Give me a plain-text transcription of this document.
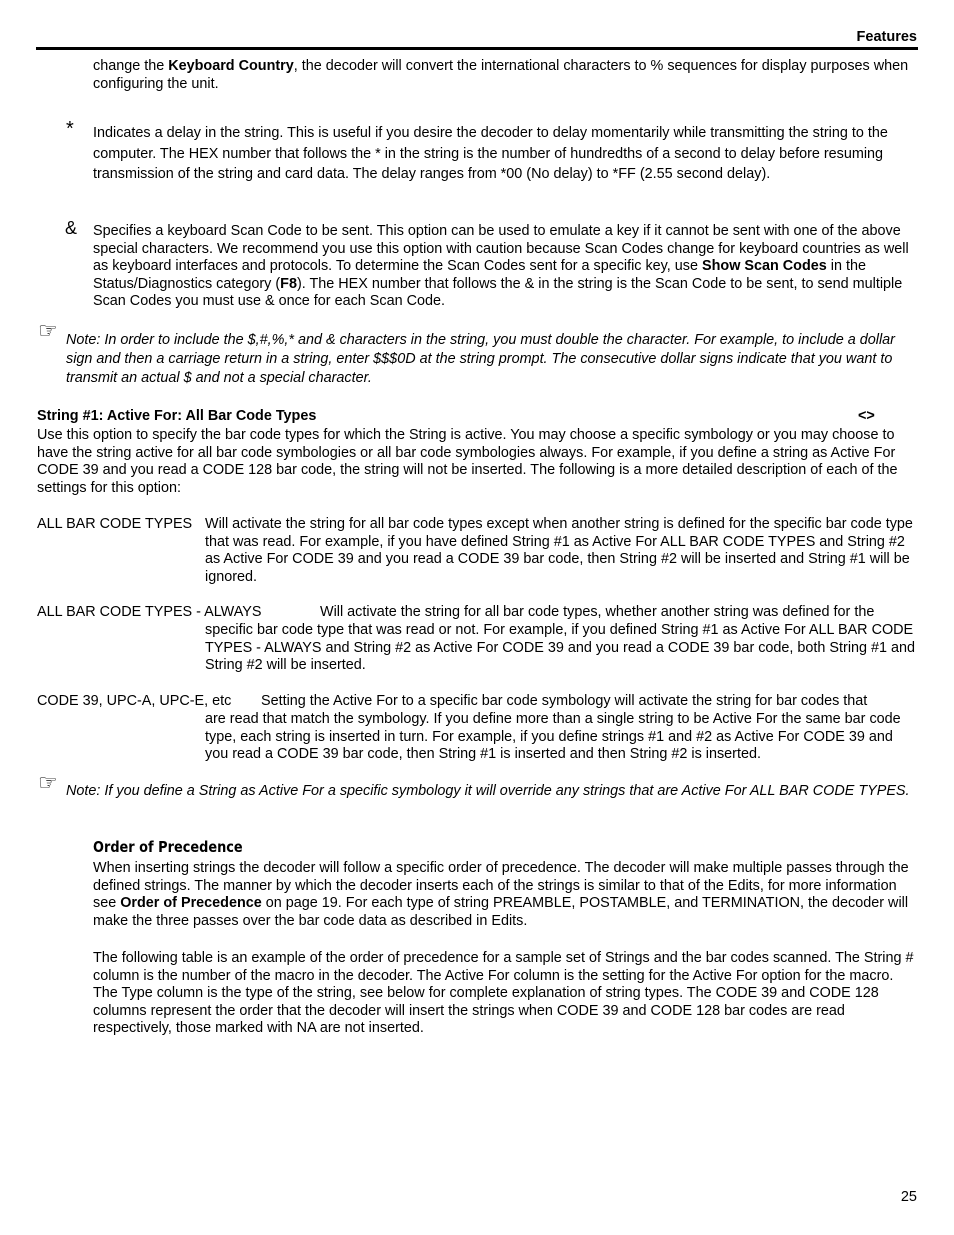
Features
change the Keyboard Country, the decoder will convert the international characters to % sequences for display purposes when configuring the unit.
* Indicates a delay in the string. This is useful if you desire the decoder to delay momentarily while transmitting the string to the computer. The HEX number that follows the * in the string is the number of hundredths of a second to delay before resuming transmission of the string and card data. The delay ranges from *00 (No delay) to *FF (2.55 second delay).
& Specifies a keyboard Scan Code to be sent. This option can be used to emulate a key if it cannot be sent with one of the above special characters. We recommend you use this option with caution because Scan Codes change for keyboard countries as well as keyboard interfaces and protocols. To determine the Scan Codes sent for a specific key, use Show Scan Codes in the Status/Diagnostics category (F8). The HEX number that follows the & in the string is the Scan Code to be sent, to send multiple Scan Codes you must use & once for each Scan Code.
☞ Note: In order to include the $,#,%,* and & characters in the string, you must double the character. For example, to include a dollar sign and then a carriage return in a string, enter $$$0D at the string prompt. The consecutive dollar signs indicate that you want to transmit an actual $ and not a special character.
String #1: Active For: All Bar Code Types	<>
Use this option to specify the bar code types for which the String is active. You may choose a specific symbology or you may choose to have the string active for all bar code symbologies or all bar code symbologies always. For example, if you define a string as Active For CODE 39 and you read a CODE 128 bar code, the string will not be inserted. The following is a more detailed description of each of the settings for this option:
ALL BAR CODE TYPES Will activate the string for all bar code types except when another string is defined for the specific bar code type that was read. For example, if you have defined String #1 as Active For ALL BAR CODE TYPES and String #2 as Active For CODE 39 and you read a CODE 39 bar code, then String #2 will be inserted and String #1 will be ignored.
ALL BAR CODE TYPES - ALWAYS	Will activate the string for all bar code types, whether another string was defined for the
specific bar code type that was read or not. For example, if you defined String #1 as Active For ALL BAR CODE TYPES - ALWAYS and String #2 as Active For CODE 39 and you read a CODE 39 bar code, both String #1 and String #2 will be inserted.
CODE 39, UPC-A, UPC-E, etc Setting the Active For to a specific bar code symbology will activate the string for bar codes that
are read that match the symbology. If you define more than a single string to be Active For the same bar code type, each string is inserted in turn. For example, if you define strings #1 and #2 as Active For CODE 39 and you read a CODE 39 bar code, then String #1 is inserted and then String #2 is inserted.
☞ Note: If you define a String as Active For a specific symbology it will override any strings that are Active For ALL BAR CODE TYPES.
Order of Precedence
When inserting strings the decoder will follow a specific order of precedence. The decoder will make multiple passes through the defined strings. The manner by which the decoder inserts each of the strings is similar to that of the Edits, for more information see Order of Precedence on page 19. For each type of string PREAMBLE, POSTAMBLE, and TERMINATION, the decoder will make the three passes over the bar code data as described in Edits.
The following table is an example of the order of precedence for a sample set of Strings and the bar codes scanned. The String # column is the number of the macro in the decoder. The Active For column is the setting for the Active For option for the macro. The Type column is the type of the string, see below for complete explanation of string types. The CODE 39 and CODE 128 columns represent the order that the decoder will insert the strings when CODE 39 and CODE 128 bar codes are read respectively, those marked with NA are not inserted.
25
